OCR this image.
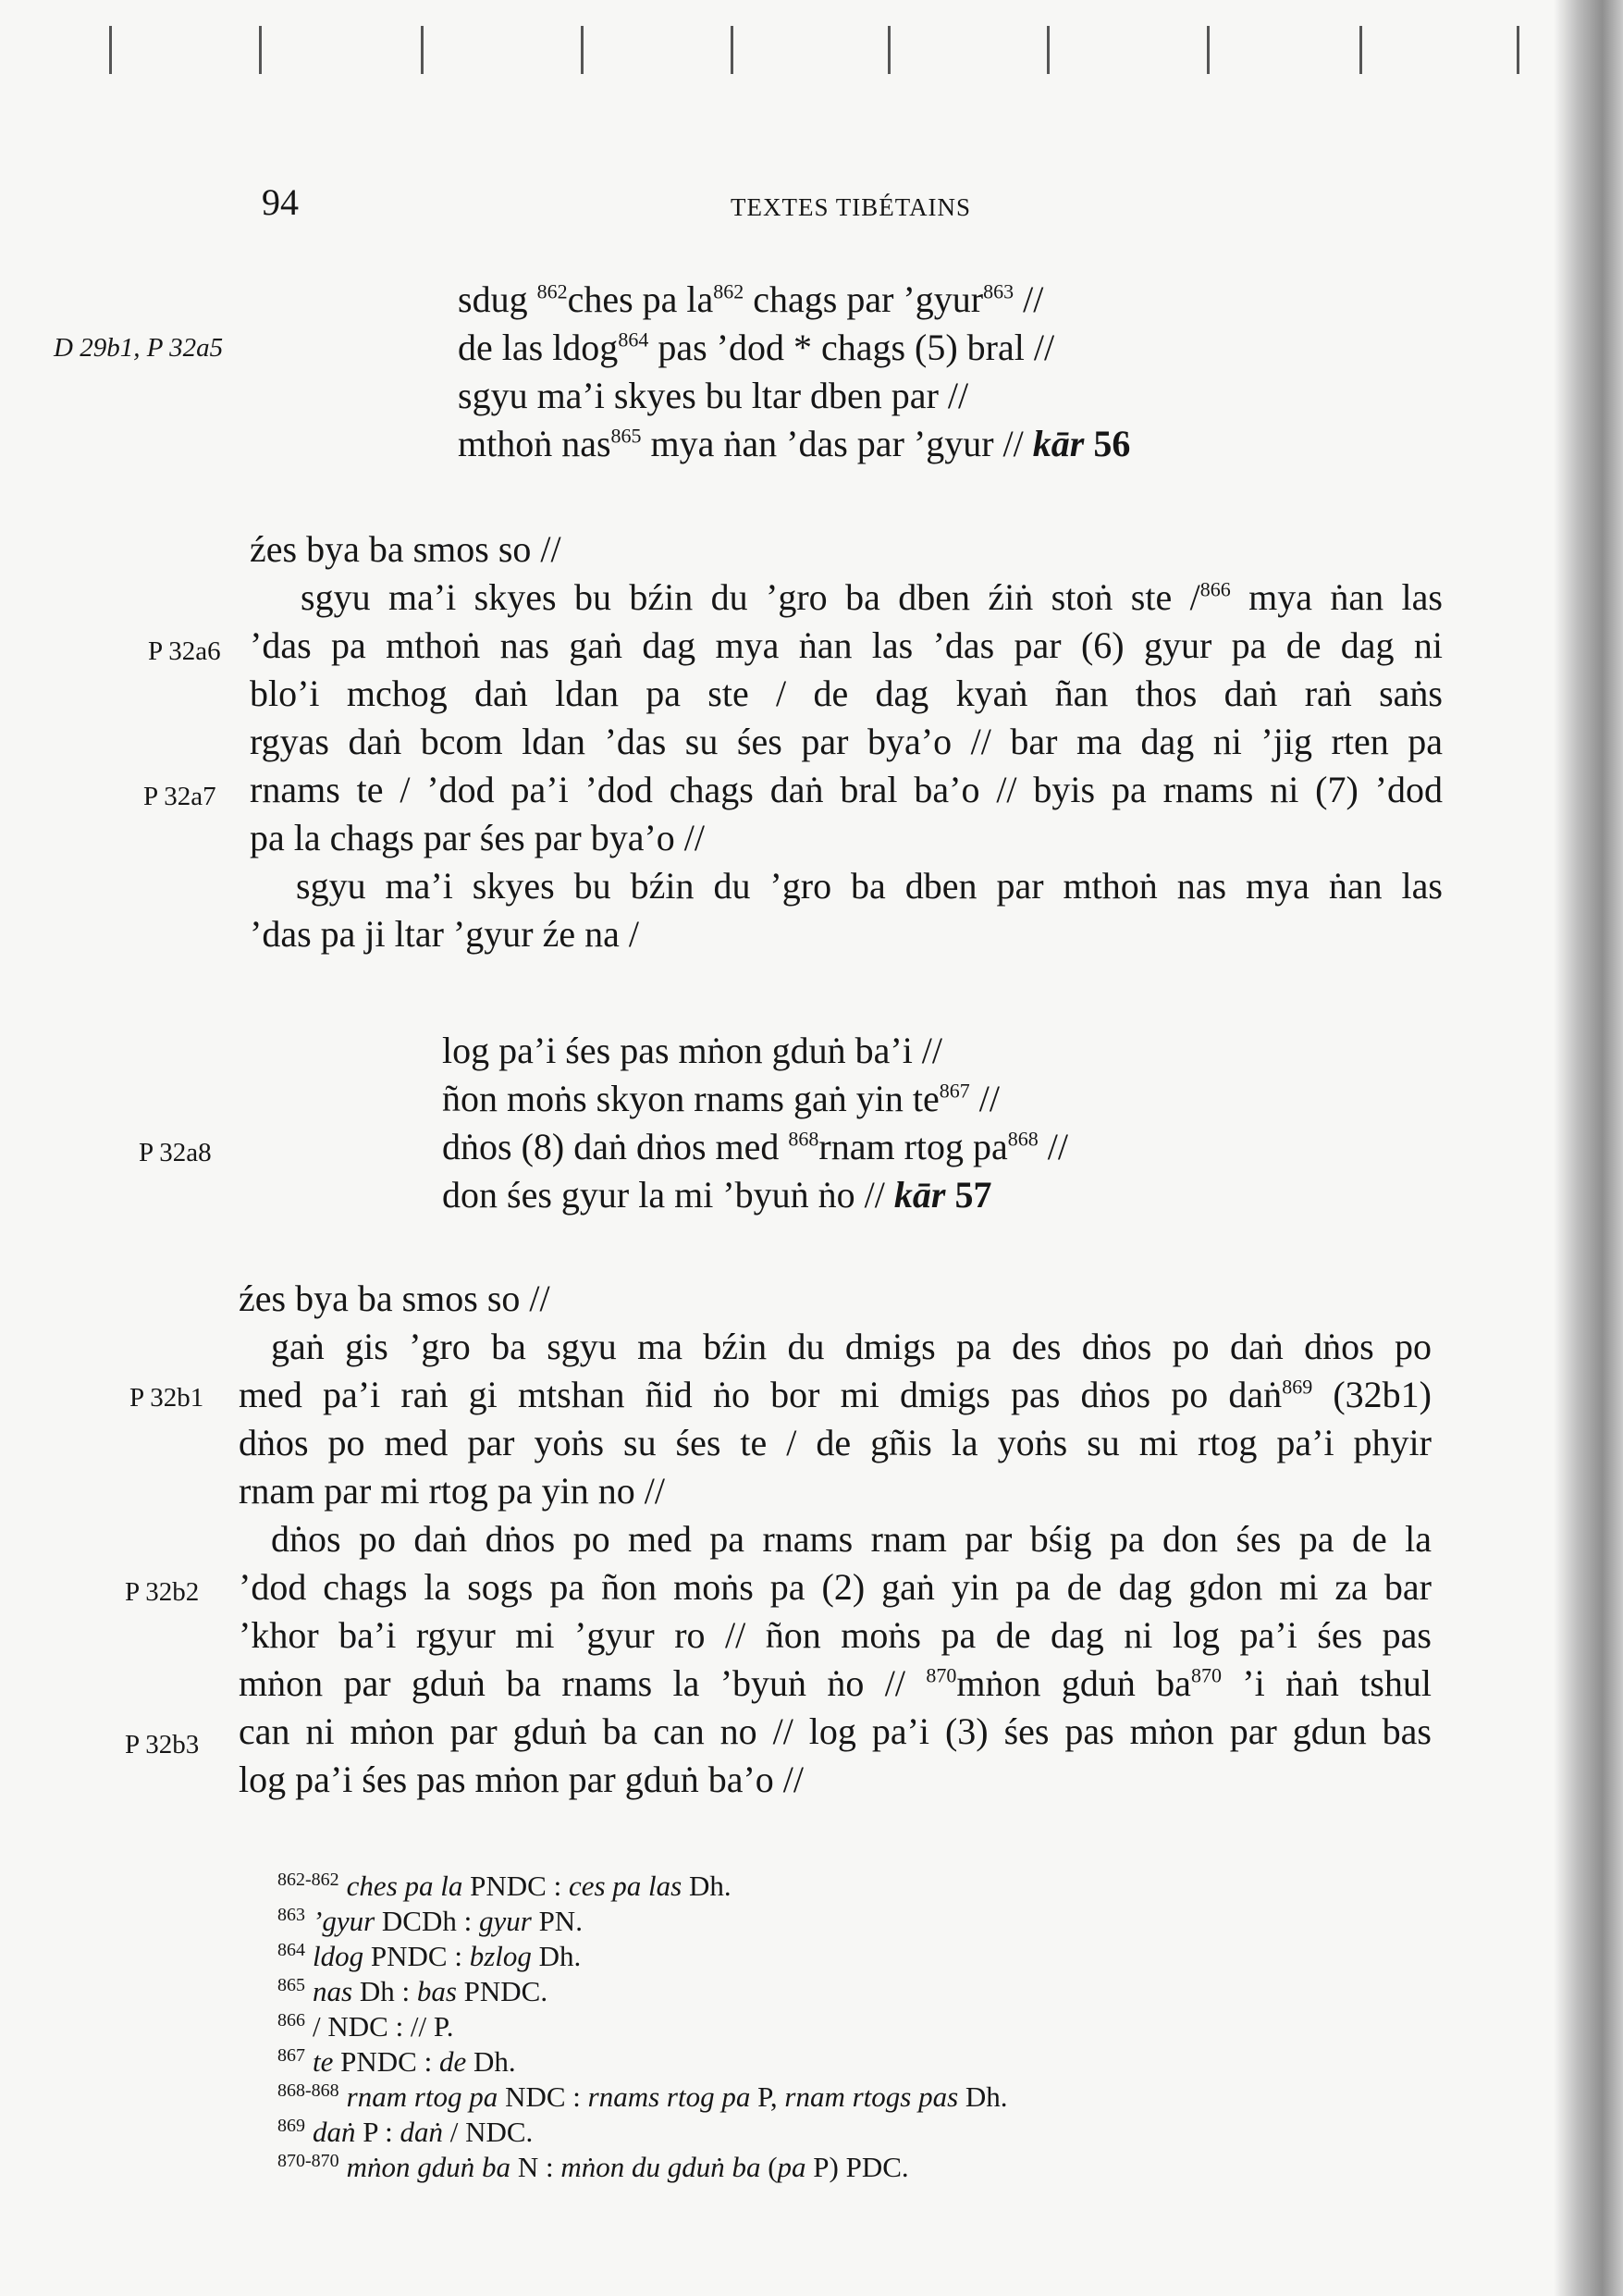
94	TEXTES TIBÉTAINS
D 29b1, P 32a5
P 32a6
P 32a7
P 32a8
P 32b1
P 32b2
P 32b3
sdug $^{862}$ches pa $la^{862}$ chags par ’gyur$^{863}$ //
de las ldog$^{864}$ pas ’dod * chags (5) bral //
sgyu ma’i skyes bu ltar dben par //
mthoṅ nas$^{865}$ mya ṅan ’das par ’gyur // kār 56
źes bya ba smos so //
sgyu ma’i skyes bu bźin du ’gro ba dben źiṅ stoṅ ste /$^{866}$ mya ṅan las
’das pa mthoṅ nas gaṅ dag mya ṅan las ’das par (6) gyur pa de dag ni
blo’i mchog daṅ ldan pa ste / de dag kyaṅ ñan thos daṅ raṅ saṅs
rgyas daṅ bcom ldan ’das su śes par bya’o // bar ma dag ni ’jig rten pa
rnams te / ’dod pa’i ’dod chags daṅ bral ba’o // byis pa rnams ni (7) ’dod
pa la chags par śes par bya’o //
sgyu ma’i skyes bu bźin du ’gro ba dben par mthoṅ nas mya ṅan las
’das pa ji ltar ’gyur źe na /
log pa’i śes pas mṅon gduṅ ba’i //
ñon moṅs skyon rnams gaṅ yin $te^{867}$ //
dṅos (8) daṅ dṅos med $^{868}$rnam rtog $pa^{868}$ //
don śes gyur la mi ’byuṅ ṅo // kār 57
źes bya ba smos so //
gaṅ gis ’gro ba sgyu ma bźin du dmigs pa des dṅos po daṅ dṅos po
med pa’i raṅ gi mtshan ñid ṅo bor mi dmigs pas dṅos po daṅ$^{869}$ (32b1)
dṅos po med par yoṅs su śes te / de gñis la yoṅs su mi rtog pa’i phyir
rnam par mi rtog pa yin no //
dṅos po daṅ dṅos po med pa rnams rnam par bśig pa don śes pa de la
’dod chags la sogs pa ñon moṅs pa (2) gaṅ yin pa de dag gdon mi za bar
’khor ba’i rgyur mi ’gyur ro // ñon moṅs pa de dag ni log pa’i śes pas
mṅon par gduṅ ba rnams la ’byuṅ ṅo // $^{870}$mṅon gduṅ $ba^{870}$ ’i ṅaṅ tshul
can ni mṅon par gduṅ ba can no // log pa’i (3) śes pas mṅon par gdun bas
log pa’i śes pas mṅon par gduṅ ba’o //
$^{862-862}$ ches pa la PNDC : ces pa las Dh.
$^{863}$ ’gyur DCDh : gyur PN.
$^{864}$ ldog PNDC : bzlog Dh.
$^{865}$ nas Dh : bas PNDC.
$^{866}$ / NDC : // P.
$^{867}$ te PNDC : de Dh.
$^{868-868}$ rnam rtog pa NDC : rnams rtog pa P, rnam rtogs pas Dh.
$^{869}$ daṅ P : daṅ / NDC.
$^{870-870}$ mṅon gduṅ ba N : mṅon du gduṅ ba (pa P) PDC.
